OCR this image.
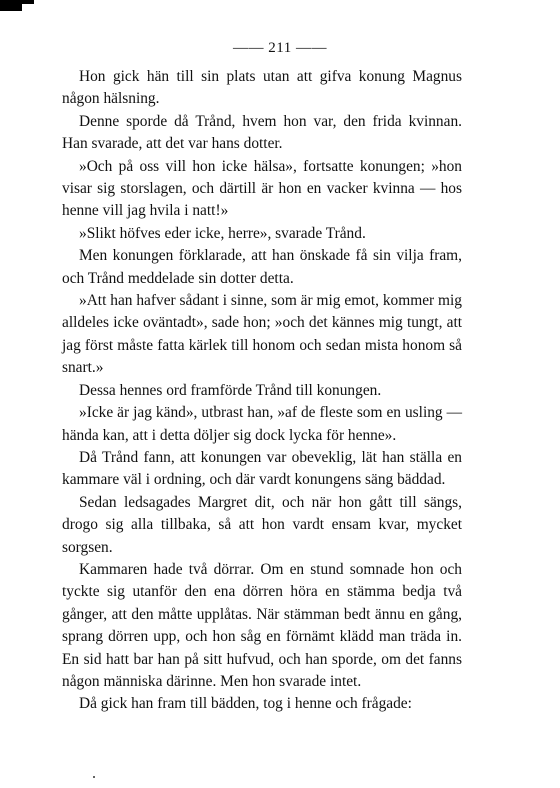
—— 211 ——

Hon gick hän till sin plats utan att gifva konung Magnus någon hälsning.

Denne sporde då Trånd, hvem hon var, den frida kvinnan. Han svarade, att det var hans dotter.

»Och på oss vill hon icke hälsa», fortsatte konungen; »hon visar sig storslagen, och därtill är hon en vacker kvinna — hos henne vill jag hvila i natt!»

»Slikt höfves eder icke, herre», svarade Trånd.

Men konungen förklarade, att han önskade få sin vilja fram, och Trånd meddelade sin dotter detta.

»Att han hafver sådant i sinne, som är mig emot, kommer mig alldeles icke oväntadt», sade hon; »och det kännes mig tungt, att jag först måste fatta kärlek till honom och sedan mista honom så snart.»

Dessa hennes ord framförde Trånd till konungen.

»Icke är jag känd», utbrast han, »af de fleste som en usling — hända kan, att i detta döljer sig dock lycka för henne».

Då Trånd fann, att konungen var obeveklig, lät han ställa en kammare väl i ordning, och där vardt konungens säng bäddad.

Sedan ledsagades Margret dit, och när hon gått till sängs, drogo sig alla tillbaka, så att hon vardt ensam kvar, mycket sorgsen.

Kammaren hade två dörrar. Om en stund somnade hon och tyckte sig utanför den ena dörren höra en stämma bedja två gånger, att den måtte upplåtas. När stämman bedt ännu en gång, sprang dörren upp, och hon såg en förnämt klädd man träda in. En sid hatt bar han på sitt hufvud, och han sporde, om det fanns någon människa därinne. Men hon svarade intet.

Då gick han fram till bädden, tog i henne och frågade:
